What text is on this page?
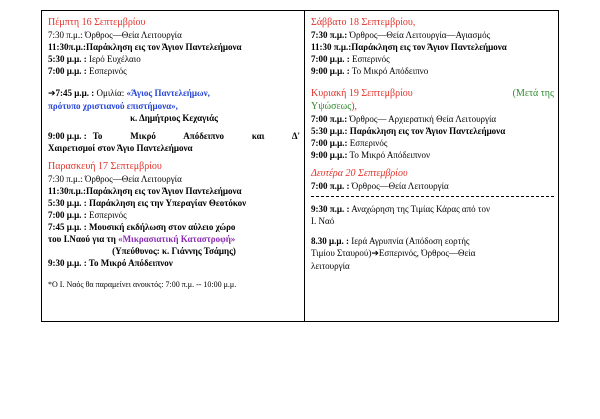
Πέμπτη 16 Σεπτεμβρίου
7:30 π.μ.: Όρθρος—Θεία Λειτουργία
11:30π.μ.:Παράκληση εις τον Άγιον Παντελεήμονα
5:30 μ.μ. : Ιερό Ευχέλαιο
7:00 μ.μ. : Εσπερινός
➔7:45 μ.μ. : Ομιλία: «Άγιος Παντελεήμων,
πρότυπο χριστιανού επιστήμονα»,
κ. Δημήτριος Κεχαγιάς
9:00 μ.μ. : Το Μικρό Απόδειπνο και Δ'
Χαιρετισμοί στον Άγιο Παντελεήμονα
Παρασκευή 17 Σεπτεμβρίου
7:30 π.μ.: Όρθρος—Θεία Λειτουργία
11:30π.μ.:Παράκληση εις τον Άγιον Παντελεήμονα
5:30 μ.μ. : Παράκληση εις την Υπεραγίαν Θεοτόκον
7:00 μ.μ. : Εσπερινός
7:45 μ.μ. : Μουσική εκδήλωση στον αύλειο χώρο
του Ι.Ναού για τη «Μικρασιατική Καταστροφή»
(Υπεύθυνος: κ. Γιάννης Τσάμης)
9:30 μ.μ. : Το Μικρό Απόδειπνον
*Ο Ι. Ναός θα παραμείνει ανοικτός: 7:00 π.μ. -- 10:00 μ.μ.
Σάββατο 18 Σεπτεμβρίου,
7:30 π.μ.: Όρθρος—Θεία Λειτουργία—Αγιασμός
11:30 π.μ.:Παράκληση εις τον Άγιον Παντελεήμονα
7:00 μ.μ. : Εσπερινός
9:00 μ.μ. : Το Μικρό Απόδειπνο
Κυριακή 19 Σεπτεμβρίου	(Μετά της
Υψώσεως),
7:00 π.μ.: Όρθρος— Αρχιερατική Θεία Λειτουργία
5:30 μ.μ.: Παράκληση εις τον Άγιον Παντελεήμονα
7:00 μ.μ.: Εσπερινός
9:00 μ.μ.: Το Μικρό Απόδειπνον
Δευτέρα 20 Σεπτεμβρίου
7:00 π.μ. : Όρθρος—Θεία Λειτουργία
9:30 π.μ. : Αναχώρηση της Τιμίας Κάρας από τον
Ι. Ναό
8.30 μ.μ. : Ιερά Αγρυπνία (Απόδοση εορτής
Τιμίου Σταυρού)➔Εσπερινός, Όρθρος—Θεία
λειτουργία
